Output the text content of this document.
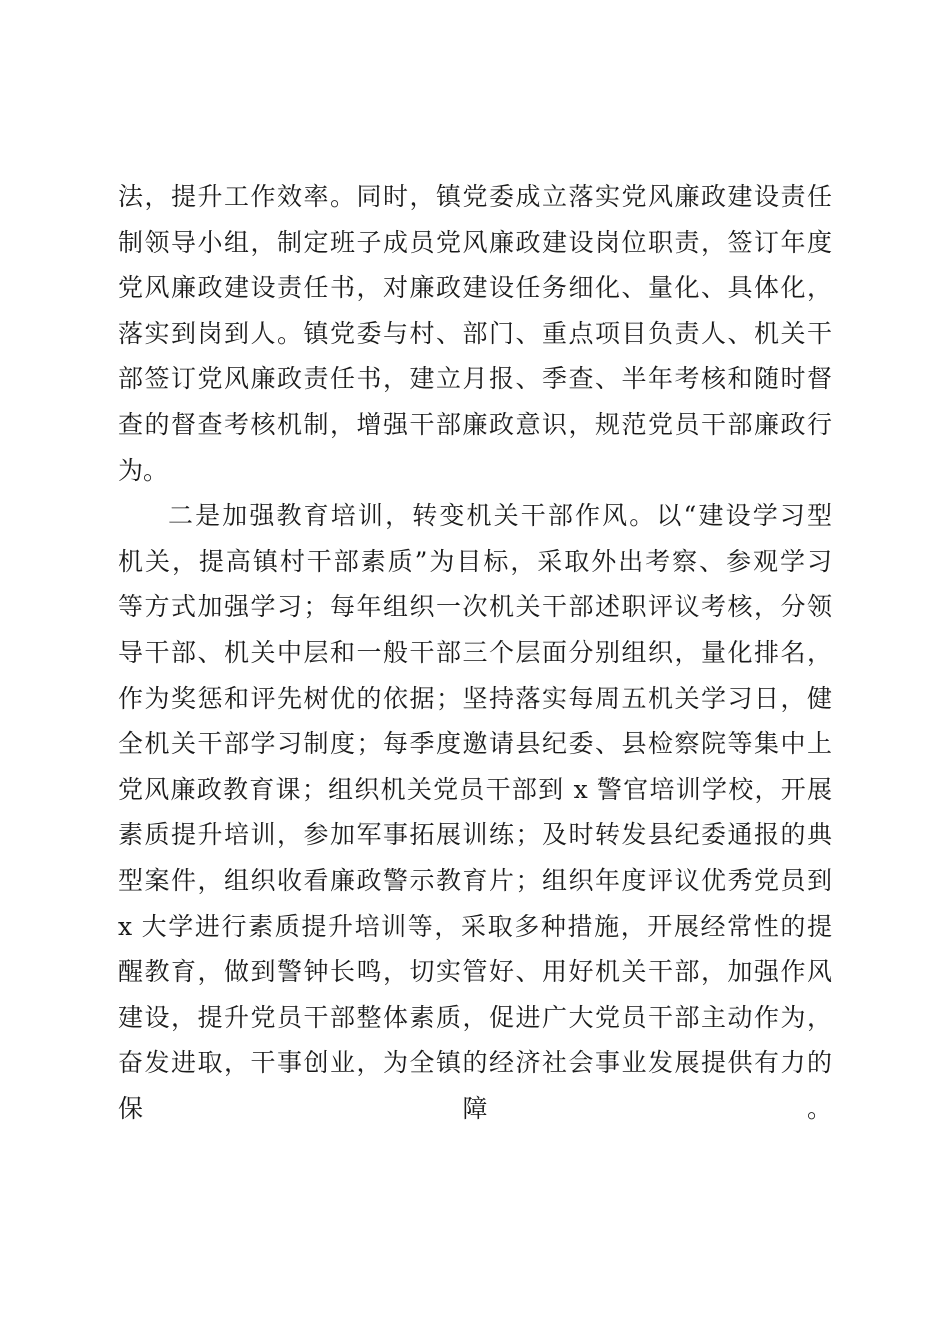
法，提升工作效率。同时，镇党委成立落实党风廉政建设责任
制领导小组，制定班子成员党风廉政建设岗位职责，签订年度
党风廉政建设责任书，对廉政建设任务细化、量化、具体化，
落实到岗到人。镇党委与村、部门、重点项目负责人、机关干
部签订党风廉政责任书，建立月报、季查、半年考核和随时督
查的督查考核机制，增强干部廉政意识，规范党员干部廉政行
为。
二是加强教育培训，转变机关干部作风。以“建设学习型
机关，提高镇村干部素质”为目标，采取外出考察、参观学习
等方式加强学习；每年组织一次机关干部述职评议考核，分领
导干部、机关中层和一般干部三个层面分别组织，量化排名，
作为奖惩和评先树优的依据；坚持落实每周五机关学习日，健
全机关干部学习制度；每季度邀请县纪委、县检察院等集中上
党风廉政教育课；组织机关党员干部到 x 警官培训学校，开展
素质提升培训，参加军事拓展训练；及时转发县纪委通报的典
型案件，组织收看廉政警示教育片；组织年度评议优秀党员到
x 大学进行素质提升培训等，采取多种措施，开展经常性的提
醒教育，做到警钟长鸣，切实管好、用好机关干部，加强作风
建设，提升党员干部整体素质，促进广大党员干部主动作为，
奋发进取，干事创业，为全镇的经济社会事业发展提供有力的
保障。
